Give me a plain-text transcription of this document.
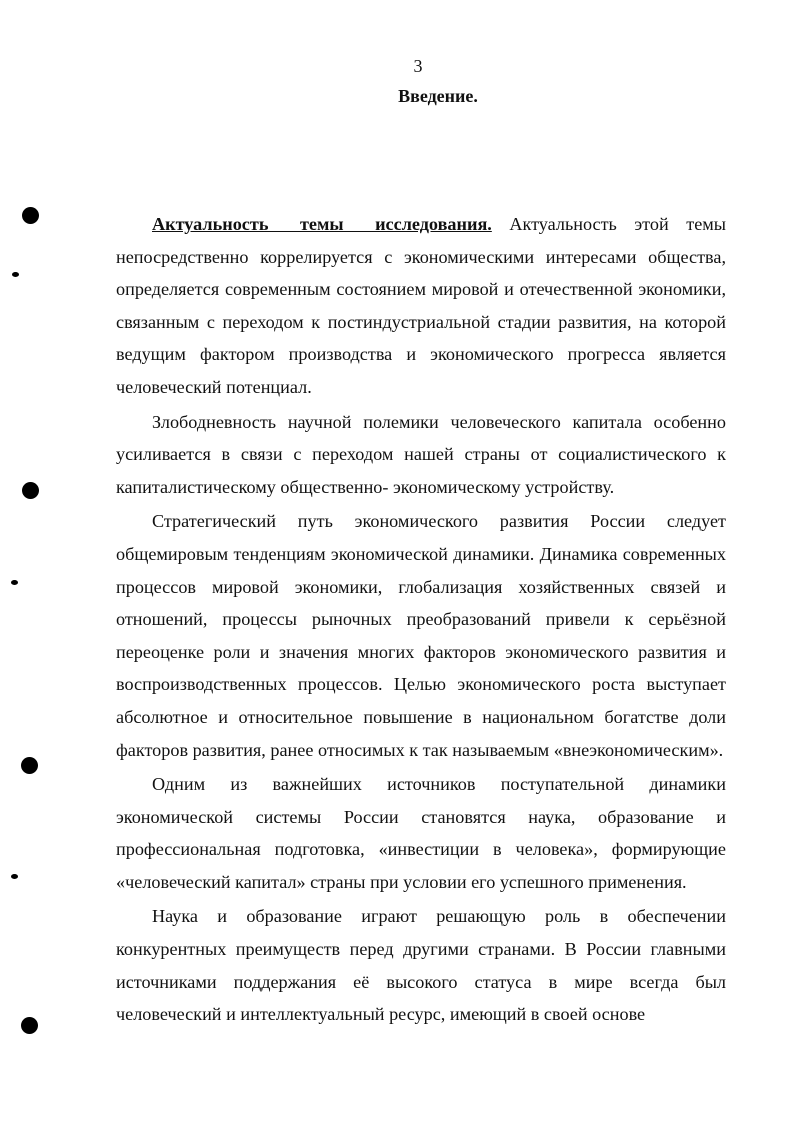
3
Введение.

Актуальность темы исследования. Актуальность этой темы непосредственно коррелируется с экономическими интересами общества, определяется современным состоянием мировой и отечественной экономики, связанным с переходом к постиндустриальной стадии развития, на которой ведущим фактором производства и экономического прогресса является человеческий потенциал.

Злободневность научной полемики человеческого капитала особенно усиливается в связи с переходом нашей страны от социалистического к капиталистическому общественно- экономическому устройству.

Стратегический путь экономического развития России следует общемировым тенденциям экономической динамики. Динамика современных процессов мировой экономики, глобализация хозяйственных связей и отношений, процессы рыночных преобразований привели к серьёзной переоценке роли и значения многих факторов экономического развития и воспроизводственных процессов. Целью экономического роста выступает абсолютное и относительное повышение в национальном богатстве доли факторов развития, ранее относимых к так называемым «внеэкономическим».

Одним из важнейших источников поступательной динамики экономической системы России становятся наука, образование и профессиональная подготовка, «инвестиции в человека», формирующие «человеческий капитал» страны при условии его успешного применения.

Наука и образование играют решающую роль в обеспечении конкурентных преимуществ перед другими странами. В России главными источниками поддержания её высокого статуса в мире всегда был человеческий и интеллектуальный ресурс, имеющий в своей основе
